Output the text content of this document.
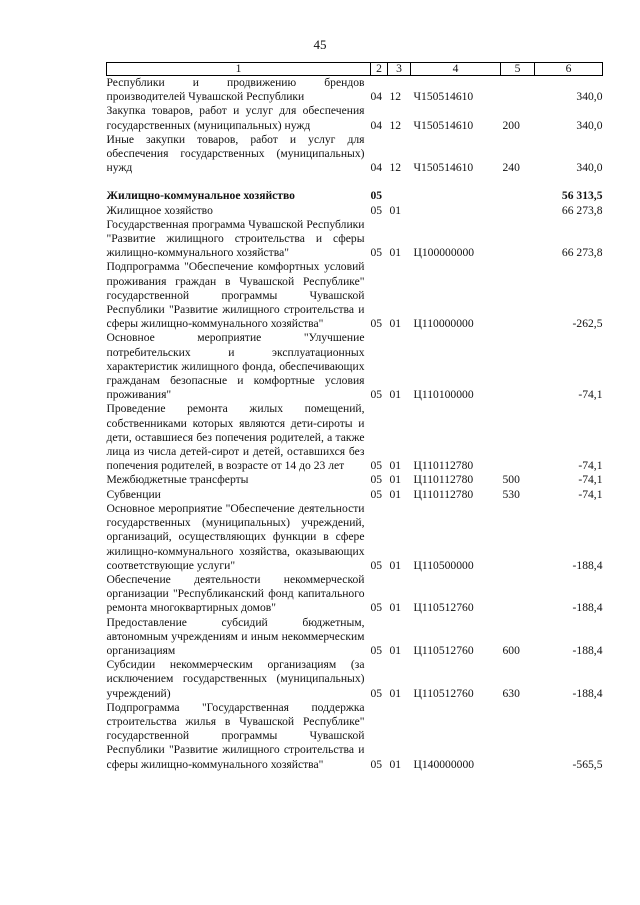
45
1	2	3	4	5	6
Республики и продвижению брендов производителей Чувашской Республики	04	12	Ч150514610		340,0
Закупка товаров, работ и услуг для обеспечения государственных (муниципальных) нужд	04	12	Ч150514610	200	340,0
Иные закупки товаров, работ и услуг для обеспечения государственных (муниципальных) нужд	04	12	Ч150514610	240	340,0

Жилищно-коммунальное хозяйство	05				56 313,5
Жилищное хозяйство	05	01			66 273,8
Государственная программа Чувашской Республики "Развитие жилищного строительства и сферы жилищно-коммунального хозяйства"	05	01	Ц100000000		66 273,8
Подпрограмма "Обеспечение комфортных условий проживания граждан в Чувашской Республике" государственной программы Чувашской Республики "Развитие жилищного строительства и сферы жилищно-коммунального хозяйства"	05	01	Ц110000000		-262,5
Основное мероприятие "Улучшение потребительских и эксплуатационных характеристик жилищного фонда, обеспечивающих гражданам безопасные и комфортные условия проживания"	05	01	Ц110100000		-74,1
Проведение ремонта жилых помещений, собственниками которых являются дети-сироты и дети, оставшиеся без попечения родителей, а также лица из числа детей-сирот и детей, оставшихся без попечения родителей, в возрасте от 14 до 23 лет	05	01	Ц110112780		-74,1
Межбюджетные трансферты	05	01	Ц110112780	500	-74,1
Субвенции	05	01	Ц110112780	530	-74,1
Основное мероприятие "Обеспечение деятельности государственных (муниципальных) учреждений, организаций, осуществляющих функции в сфере жилищно-коммунального хозяйства, оказывающих соответствующие услуги"	05	01	Ц110500000		-188,4
Обеспечение деятельности некоммерческой организации "Республиканский фонд капитального ремонта многоквартирных домов"	05	01	Ц110512760		-188,4
Предоставление субсидий бюджетным, автономным учреждениям и иным некоммерческим организациям	05	01	Ц110512760	600	-188,4
Субсидии некоммерческим организациям (за исключением государственных (муниципальных) учреждений)	05	01	Ц110512760	630	-188,4
Подпрограмма "Государственная поддержка строительства жилья в Чувашской Республике" государственной программы Чувашской Республики "Развитие жилищного строительства и сферы жилищно-коммунального хозяйства"	05	01	Ц140000000		-565,5
